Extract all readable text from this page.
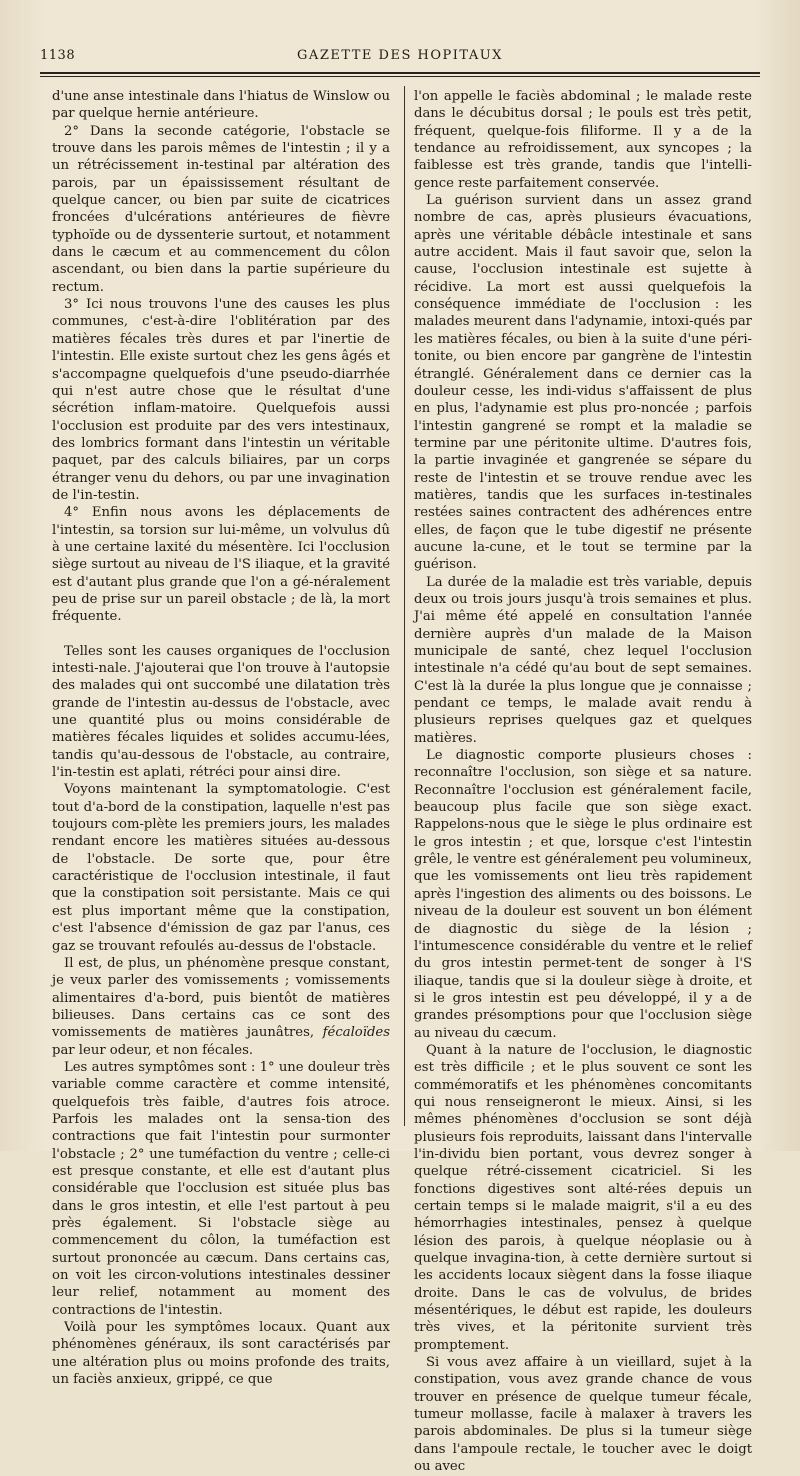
1138	GAZETTE DES HOPITAUX

d'une anse intestinale dans l'hiatus de Winslow ou par quelque hernie antérieure.

2° Dans la seconde catégorie, l'obstacle se trouve dans les parois mêmes de l'intestin ; il y a un rétrécissement in-testinal par altération des parois, par un épaississement résultant de quelque cancer, ou bien par suite de cicatrices froncées d'ulcérations antérieures de fièvre typhoïde ou de dyssenterie surtout, et notamment dans le cæcum et au commencement du côlon ascendant, ou bien dans la partie supérieure du rectum.

3° Ici nous trouvons l'une des causes les plus communes, c'est-à-dire l'oblitération par des matières fécales très dures et par l'inertie de l'intestin. Elle existe surtout chez les gens âgés et s'accompagne quelquefois d'une pseudo-diarrhée qui n'est autre chose que le résultat d'une sécrétion inflam-matoire. Quelquefois aussi l'occlusion est produite par des vers intestinaux, des lombrics formant dans l'intestin un véritable paquet, par des calculs biliaires, par un corps étranger venu du dehors, ou par une invagination de l'in-testin.

4° Enfin nous avons les déplacements de l'intestin, sa torsion sur lui-même, un volvulus dû à une certaine laxité du mésentère. Ici l'occlusion siège surtout au niveau de l'S iliaque, et la gravité est d'autant plus grande que l'on a gé-néralement peu de prise sur un pareil obstacle ; de là, la mort fréquente.

Telles sont les causes organiques de l'occlusion intesti-nale. J'ajouterai que l'on trouve à l'autopsie des malades qui ont succombé une dilatation très grande de l'intestin au-dessus de l'obstacle, avec une quantité plus ou moins considérable de matières fécales liquides et solides accumu-lées, tandis qu'au-dessous de l'obstacle, au contraire, l'in-testin est aplati, rétréci pour ainsi dire.

Voyons maintenant la symptomatologie. C'est tout d'a-bord de la constipation, laquelle n'est pas toujours com-plète les premiers jours, les malades rendant encore les matières situées au-dessous de l'obstacle. De sorte que, pour être caractéristique de l'occlusion intestinale, il faut que la constipation soit persistante. Mais ce qui est plus important même que la constipation, c'est l'absence d'émission de gaz par l'anus, ces gaz se trouvant refoulés au-dessus de l'obstacle.

Il est, de plus, un phénomène presque constant, je veux parler des vomissements ; vomissements alimentaires d'a-bord, puis bientôt de matières bilieuses. Dans certains cas ce sont des vomissements de matières jaunâtres, fécaloïdes par leur odeur, et non fécales.

Les autres symptômes sont : 1° une douleur très variable comme caractère et comme intensité, quelquefois très faible, d'autres fois atroce. Parfois les malades ont la sensa-tion des contractions que fait l'intestin pour surmonter l'obstacle ; 2° une tuméfaction du ventre ; celle-ci est presque constante, et elle est d'autant plus considérable que l'occlusion est située plus bas dans le gros intestin, et elle l'est partout à peu près également. Si l'obstacle siège au commencement du côlon, la tuméfaction est surtout prononcée au cæcum. Dans certains cas, on voit les circon-volutions intestinales dessiner leur relief, notamment au moment des contractions de l'intestin.

Voilà pour les symptômes locaux. Quant aux phénomènes généraux, ils sont caractérisés par une altération plus ou moins profonde des traits, un faciès anxieux, grippé, ce que

l'on appelle le faciès abdominal ; le malade reste dans le décubitus dorsal ; le pouls est très petit, fréquent, quelque-fois filiforme. Il y a de la tendance au refroidissement, aux syncopes ; la faiblesse est très grande, tandis que l'intelli-gence reste parfaitement conservée.

La guérison survient dans un assez grand nombre de cas, après plusieurs évacuations, après une véritable débâcle intestinale et sans autre accident. Mais il faut savoir que, selon la cause, l'occlusion intestinale est sujette à récidive. La mort est aussi quelquefois la conséquence immédiate de l'occlusion : les malades meurent dans l'adynamie, intoxi-qués par les matières fécales, ou bien à la suite d'une péri-tonite, ou bien encore par gangrène de l'intestin étranglé. Généralement dans ce dernier cas la douleur cesse, les indi-vidus s'affaissent de plus en plus, l'adynamie est plus pro-noncée ; parfois l'intestin gangrené se rompt et la maladie se termine par une péritonite ultime. D'autres fois, la partie invaginée et gangrenée se sépare du reste de l'intestin et se trouve rendue avec les matières, tandis que les surfaces in-testinales restées saines contractent des adhérences entre elles, de façon que le tube digestif ne présente aucune la-cune, et le tout se termine par la guérison.

La durée de la maladie est très variable, depuis deux ou trois jours jusqu'à trois semaines et plus. J'ai même été appelé en consultation l'année dernière auprès d'un malade de la Maison municipale de santé, chez lequel l'occlusion intestinale n'a cédé qu'au bout de sept semaines. C'est là la durée la plus longue que je connaisse ; pendant ce temps, le malade avait rendu à plusieurs reprises quelques gaz et quelques matières.

Le diagnostic comporte plusieurs choses : reconnaître l'occlusion, son siège et sa nature. Reconnaître l'occlusion est généralement facile, beaucoup plus facile que son siège exact. Rappelons-nous que le siège le plus ordinaire est le gros intestin ; et que, lorsque c'est l'intestin grêle, le ventre est généralement peu volumineux, que les vomissements ont lieu très rapidement après l'ingestion des aliments ou des boissons. Le niveau de la douleur est souvent un bon élément de diagnostic du siège de la lésion ; l'intumescence considérable du ventre et le relief du gros intestin permet-tent de songer à l'S iliaque, tandis que si la douleur siège à droite, et si le gros intestin est peu développé, il y a de grandes présomptions pour que l'occlusion siège au niveau du cæcum.

Quant à la nature de l'occlusion, le diagnostic est très difficile ; et le plus souvent ce sont les commémoratifs et les phénomènes concomitants qui nous renseigneront le mieux. Ainsi, si les mêmes phénomènes d'occlusion se sont déjà plusieurs fois reproduits, laissant dans l'intervalle l'in-dividu bien portant, vous devrez songer à quelque rétré-cissement cicatriciel. Si les fonctions digestives sont alté-rées depuis un certain temps si le malade maigrit, s'il a eu des hémorrhagies intestinales, pensez à quelque lésion des parois, à quelque néoplasie ou à quelque invagina-tion, à cette dernière surtout si les accidents locaux siègent dans la fosse iliaque droite. Dans le cas de volvulus, de brides mésentériques, le début est rapide, les douleurs très vives, et la péritonite survient très promptement.

Si vous avez affaire à un vieillard, sujet à la constipation, vous avez grande chance de vous trouver en présence de quelque tumeur fécale, tumeur mollasse, facile à malaxer à travers les parois abdominales. De plus si la tumeur siège dans l'ampoule rectale, le toucher avec le doigt ou avec
